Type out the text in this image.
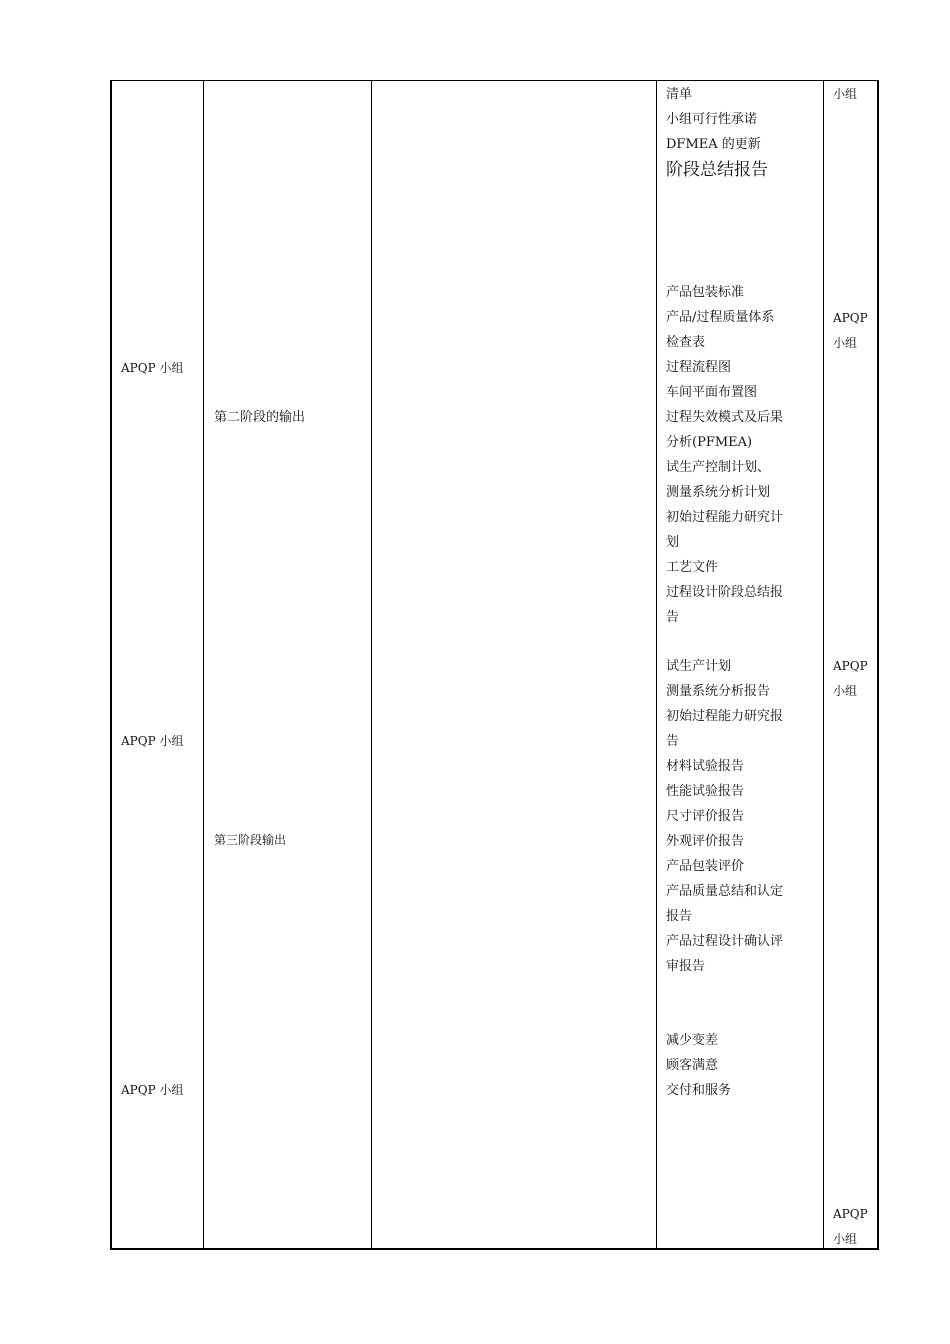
APQP 小组
APQP 小组
APQP 小组
第二阶段的输出
第三阶段输出
清单
小组可行性承诺
DFMEA 的更新
阶段总结报告
产品包装标准
产品/过程质量体系
检查表
过程流程图
车间平面布置图
过程失效模式及后果
分析(PFMEA)
试生产控制计划、
测量系统分析计划
初始过程能力研究计
划
工艺文件
过程设计阶段总结报
告
试生产计划
测量系统分析报告
初始过程能力研究报
告
材料试验报告
性能试验报告
尺寸评价报告
外观评价报告
产品包装评价
产品质量总结和认定
报告
产品过程设计确认评
审报告
减少变差
顾客满意
交付和服务
小组
APQP
小组
APQP
小组
APQP
小组
